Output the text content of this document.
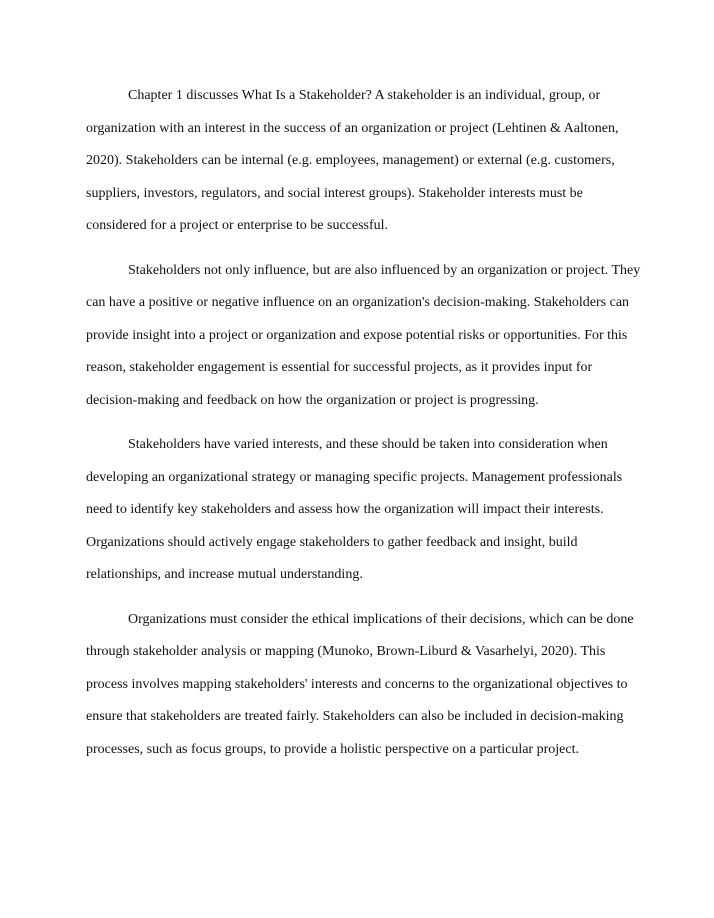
Chapter 1 discusses What Is a Stakeholder? A stakeholder is an individual, group, or organization with an interest in the success of an organization or project (Lehtinen & Aaltonen, 2020). Stakeholders can be internal (e.g. employees, management) or external (e.g. customers, suppliers, investors, regulators, and social interest groups). Stakeholder interests must be considered for a project or enterprise to be successful.

Stakeholders not only influence, but are also influenced by an organization or project. They can have a positive or negative influence on an organization's decision-making. Stakeholders can provide insight into a project or organization and expose potential risks or opportunities. For this reason, stakeholder engagement is essential for successful projects, as it provides input for decision-making and feedback on how the organization or project is progressing.

Stakeholders have varied interests, and these should be taken into consideration when developing an organizational strategy or managing specific projects. Management professionals need to identify key stakeholders and assess how the organization will impact their interests. Organizations should actively engage stakeholders to gather feedback and insight, build relationships, and increase mutual understanding.

Organizations must consider the ethical implications of their decisions, which can be done through stakeholder analysis or mapping (Munoko, Brown-Liburd & Vasarhelyi, 2020). This process involves mapping stakeholders' interests and concerns to the organizational objectives to ensure that stakeholders are treated fairly. Stakeholders can also be included in decision-making processes, such as focus groups, to provide a holistic perspective on a particular project.
